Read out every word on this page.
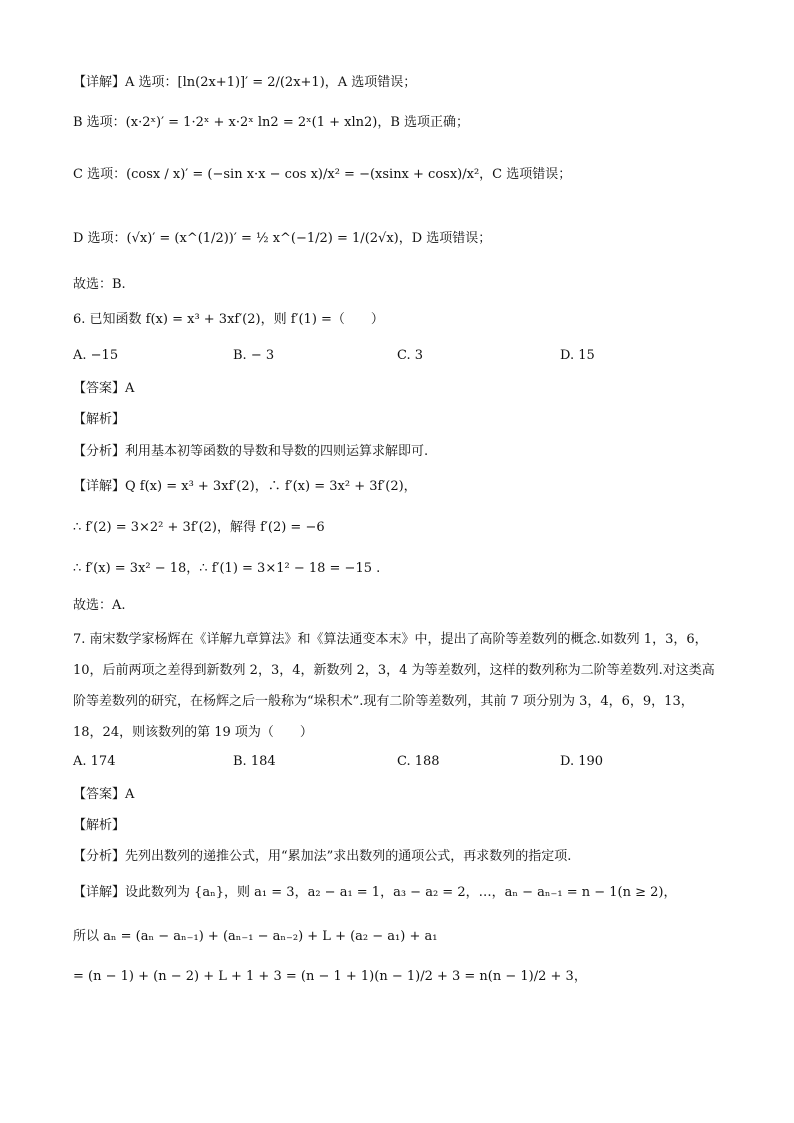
【详解】A 选项：[ln(2x+1)]′ = 2/(2x+1)，A 选项错误；
B 选项：(x·2ˣ)′ = 1·2ˣ + x·2ˣ ln2 = 2ˣ(1 + xln2)，B 选项正确；
C 选项：(cosx / x)′ = (−sin x·x − cos x)/x² = −(xsinx + cosx)/x²，C 选项错误；
D 选项：(√x)′ = (x^(1/2))′ = ½ x^(−1/2) = 1/(2√x)，D 选项错误；
故选：B.
6. 已知函数 f(x) = x³ + 3xf′(2)，则 f′(1) =（　　）
A. −15	B. − 3	C. 3	D. 15
【答案】A
【解析】
【分析】利用基本初等函数的导数和导数的四则运算求解即可.
【详解】Q f(x) = x³ + 3xf′(2)，∴ f′(x) = 3x² + 3f′(2)，
∴ f′(2) = 3×2² + 3f′(2)，解得 f′(2) = −6
∴ f′(x) = 3x² − 18，∴ f′(1) = 3×1² − 18 = −15 .
故选：A.
7. 南宋数学家杨辉在《详解九章算法》和《算法通变本末》中，提出了高阶等差数列的概念.如数列 1，3，6，10，后前两项之差得到新数列 2，3，4，新数列 2，3，4 为等差数列，这样的数列称为二阶等差数列.对这类高阶等差数列的研究，在杨辉之后一般称为“垛积术”.现有二阶等差数列，其前 7 项分别为 3，4，6，9，13，18，24，则该数列的第 19 项为（　　）
A. 174	B. 184	C. 188	D. 190
【答案】A
【解析】
【分析】先列出数列的递推公式，用“累加法”求出数列的通项公式，再求数列的指定项.
【详解】设此数列为 {aₙ}，则 a₁ = 3，a₂ − a₁ = 1，a₃ − a₂ = 2，…，aₙ − aₙ₋₁ = n − 1(n ≥ 2)，
所以 aₙ = (aₙ − aₙ₋₁) + (aₙ₋₁ − aₙ₋₂) + L + (a₂ − a₁) + a₁
= (n − 1) + (n − 2) + L + 1 + 3 = (n − 1 + 1)(n − 1)/2 + 3 = n(n − 1)/2 + 3，
